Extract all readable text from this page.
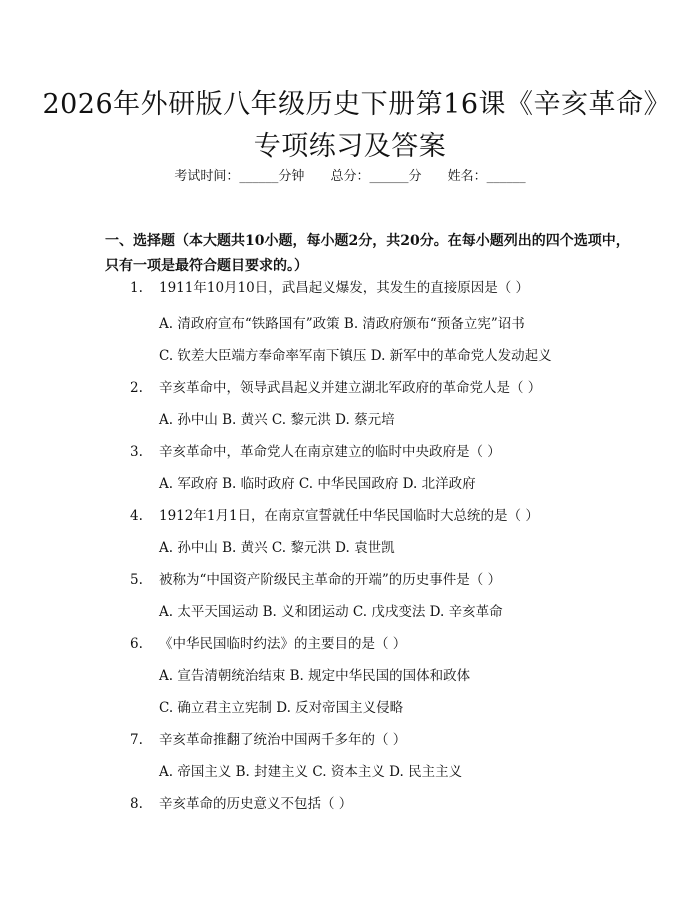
2026年外研版八年级历史下册第16课《辛亥革命》专项练习及答案
考试时间：______分钟 总分：______分 姓名：______

一、选择题（本大题共10小题，每小题2分，共20分。在每小题列出的四个选项中，只有一项是最符合题目要求的。）

1. 1911年10月10日，武昌起义爆发，其发生的直接原因是（ ）
A. 清政府宣布“铁路国有”政策 B. 清政府颁布“预备立宪”诏书
C. 钦差大臣端方奉命率军南下镇压 D. 新军中的革命党人发动起义
2. 辛亥革命中，领导武昌起义并建立湖北军政府的革命党人是（ ）
A. 孙中山 B. 黄兴 C. 黎元洪 D. 蔡元培
3. 辛亥革命中，革命党人在南京建立的临时中央政府是（ ）
A. 军政府 B. 临时政府 C. 中华民国政府 D. 北洋政府
4. 1912年1月1日，在南京宣誓就任中华民国临时大总统的是（ ）
A. 孙中山 B. 黄兴 C. 黎元洪 D. 袁世凯
5. 被称为“中国资产阶级民主革命的开端”的历史事件是（ ）
A. 太平天国运动 B. 义和团运动 C. 戊戌变法 D. 辛亥革命
6. 《中华民国临时约法》的主要目的是（ ）
A. 宣告清朝统治结束 B. 规定中华民国的国体和政体
C. 确立君主立宪制 D. 反对帝国主义侵略
7. 辛亥革命推翻了统治中国两千多年的（ ）
A. 帝国主义 B. 封建主义 C. 资本主义 D. 民主主义
8. 辛亥革命的历史意义不包括（ ）
